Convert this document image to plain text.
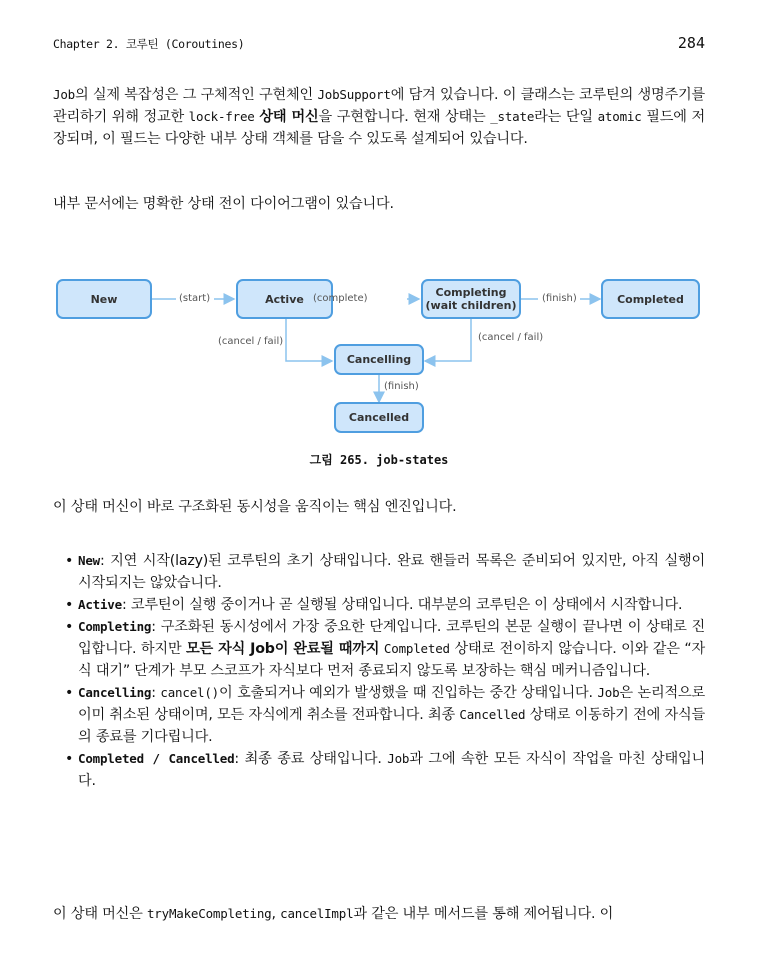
Chapter 2. 코루틴 (Coroutines)	284

Job의 실제 복잡성은 그 구체적인 구현체인 JobSupport에 담겨 있습니다. 이 클래스는 코루틴의 생명주기를 관리하기 위해 정교한 lock-free 상태 머신을 구현합니다. 현재 상태는 _state라는 단일 atomic 필드에 저장되며, 이 필드는 다양한 내부 상태 객체를 담을 수 있도록 설계되어 있습니다.

내부 문서에는 명확한 상태 전이 다이어그램이 있습니다.

New	Active	Completing
(wait children)	Completed
Cancelling
Cancelled
(start)	(complete)	(finish)
(cancel / fail)	(cancel / fail)
(finish)
그림 265. job-states

이 상태 머신이 바로 구조화된 동시성을 움직이는 핵심 엔진입니다.

• New: 지연 시작(lazy)된 코루틴의 초기 상태입니다. 완료 핸들러 목록은 준비되어 있지만, 아직 실행이 시작되지는 않았습니다.
• Active: 코루틴이 실행 중이거나 곧 실행될 상태입니다. 대부분의 코루틴은 이 상태에서 시작합니다.
• Completing: 구조화된 동시성에서 가장 중요한 단계입니다. 코루틴의 본문 실행이 끝나면 이 상태로 진입합니다. 하지만 모든 자식 Job이 완료될 때까지 Completed 상태로 전이하지 않습니다. 이와 같은 “자식 대기” 단계가 부모 스코프가 자식보다 먼저 종료되지 않도록 보장하는 핵심 메커니즘입니다.
• Cancelling: cancel()이 호출되거나 예외가 발생했을 때 진입하는 중간 상태입니다. Job은 논리적으로 이미 취소된 상태이며, 모든 자식에게 취소를 전파합니다. 최종 Cancelled 상태로 이동하기 전에 자식들의 종료를 기다립니다.
• Completed / Cancelled: 최종 종료 상태입니다. Job과 그에 속한 모든 자식이 작업을 마친 상태입니다.

이 상태 머신은 tryMakeCompleting, cancelImpl과 같은 내부 메서드를 통해 제어됩니다. 이
